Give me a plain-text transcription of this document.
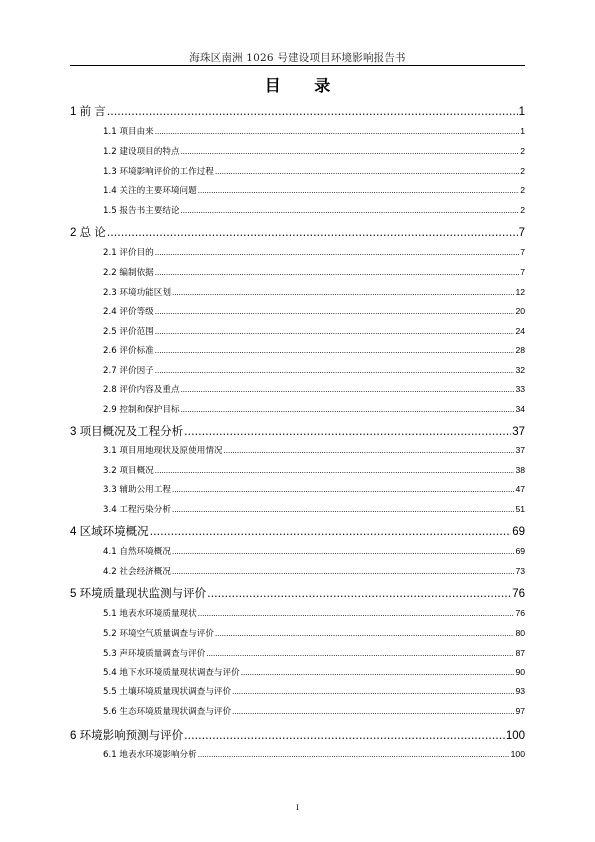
海珠区南洲 1026 号建设项目环境影响报告书
目 录
1 前 言 .....	1
1.1 项目由来 .....	1
1.2 建设项目的特点 .....	2
1.3 环境影响评价的工作过程 .....	2
1.4 关注的主要环境问题 .....	2
1.5 报告书主要结论 .....	2
2 总 论 .....	7
2.1 评价目的 .....	7
2.2 编制依据 .....	7
2.3 环境功能区划 .....	12
2.4 评价等级 .....	20
2.5 评价范围 .....	24
2.6 评价标准 .....	28
2.7 评价因子 .....	32
2.8 评价内容及重点 .....	33
2.9 控制和保护目标 .....	34
3 项目概况及工程分析 .....	37
3.1 项目用地现状及原使用情况 .....	37
3.2 项目概况 .....	38
3.3 辅助公用工程 .....	47
3.4 工程污染分析 .....	51
4 区域环境概况 .....	69
4.1 自然环境概况 .....	69
4.2 社会经济概况 .....	73
5 环境质量现状监测与评价 .....	76
5.1 地表水环境质量现状 .....	76
5.2 环境空气质量调查与评价 .....	80
5.3 声环境质量调查与评价 .....	87
5.4 地下水环境质量现状调查与评价 .....	90
5.5 土壤环境质量现状调查与评价 .....	93
5.6 生态环境质量现状调查与评价 .....	97
6 环境影响预测与评价 .....	100
6.1 地表水环境影响分析 .....	100
I
